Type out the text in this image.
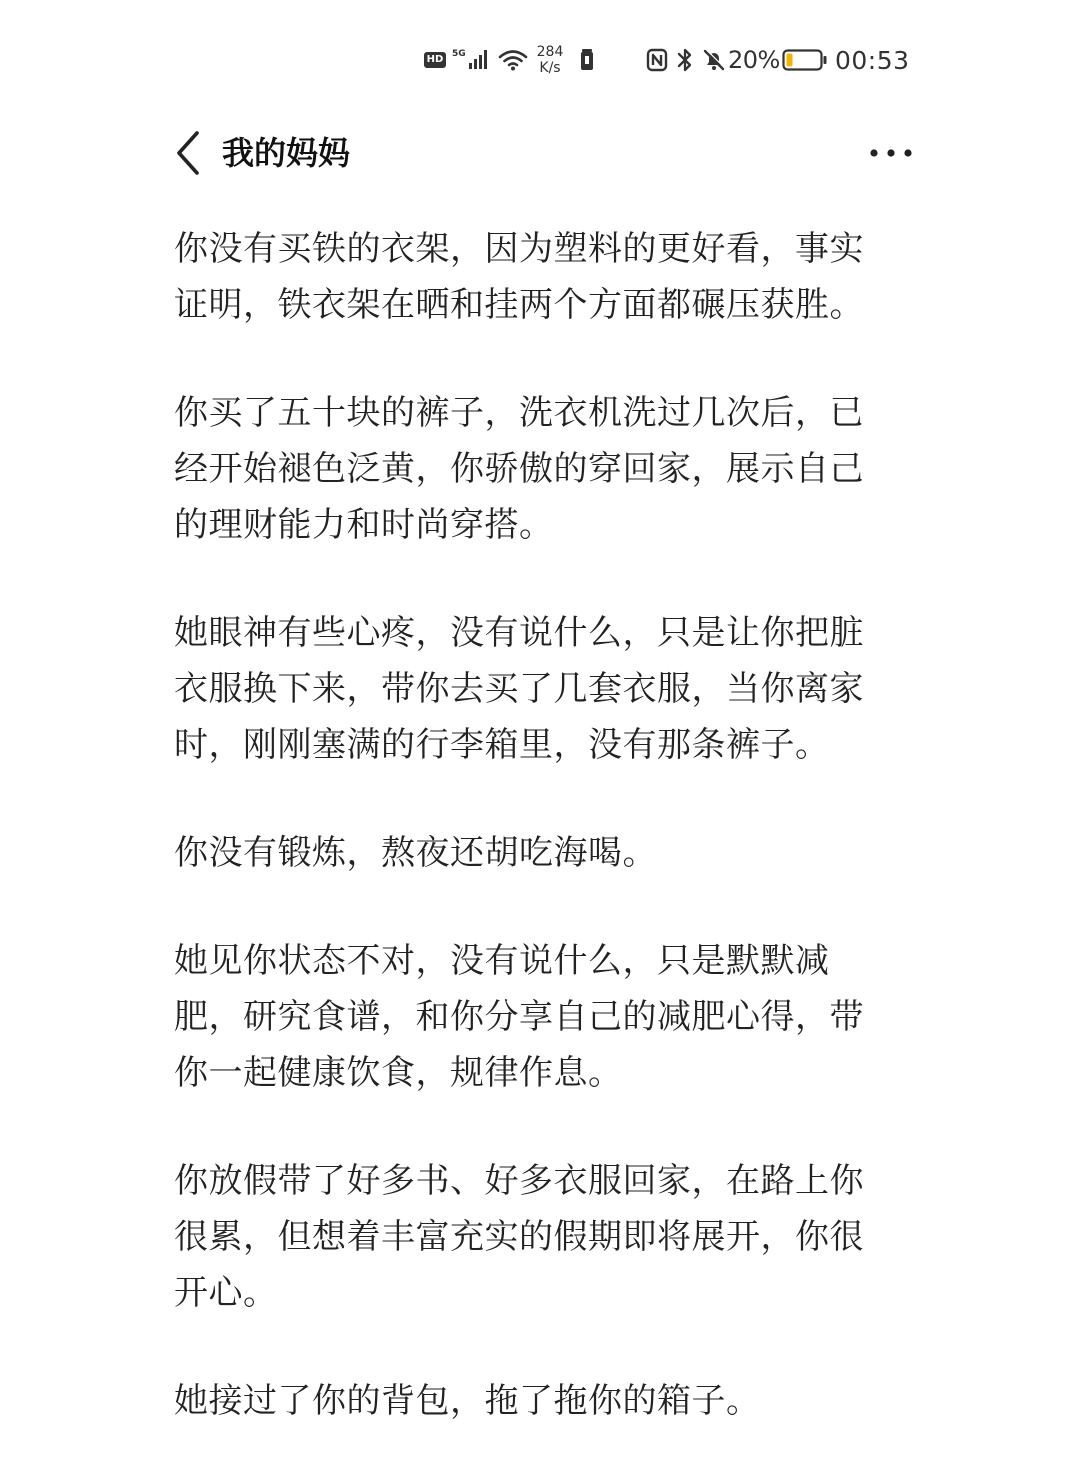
HD 5G	284
K/s	20% 00:53
我的妈妈

你没有买铁的衣架，因为塑料的更好看，事实
证明，铁衣架在晒和挂两个方面都碾压获胜。

你买了五十块的裤子，洗衣机洗过几次后，已
经开始褪色泛黄，你骄傲的穿回家，展示自己
的理财能力和时尚穿搭。

她眼神有些心疼，没有说什么，只是让你把脏
衣服换下来，带你去买了几套衣服，当你离家
时，刚刚塞满的行李箱里，没有那条裤子。

你没有锻炼，熬夜还胡吃海喝。

她见你状态不对，没有说什么，只是默默减
肥，研究食谱，和你分享自己的减肥心得，带
你一起健康饮食，规律作息。

你放假带了好多书、好多衣服回家，在路上你
很累，但想着丰富充实的假期即将展开，你很
开心。

她接过了你的背包，拖了拖你的箱子。
